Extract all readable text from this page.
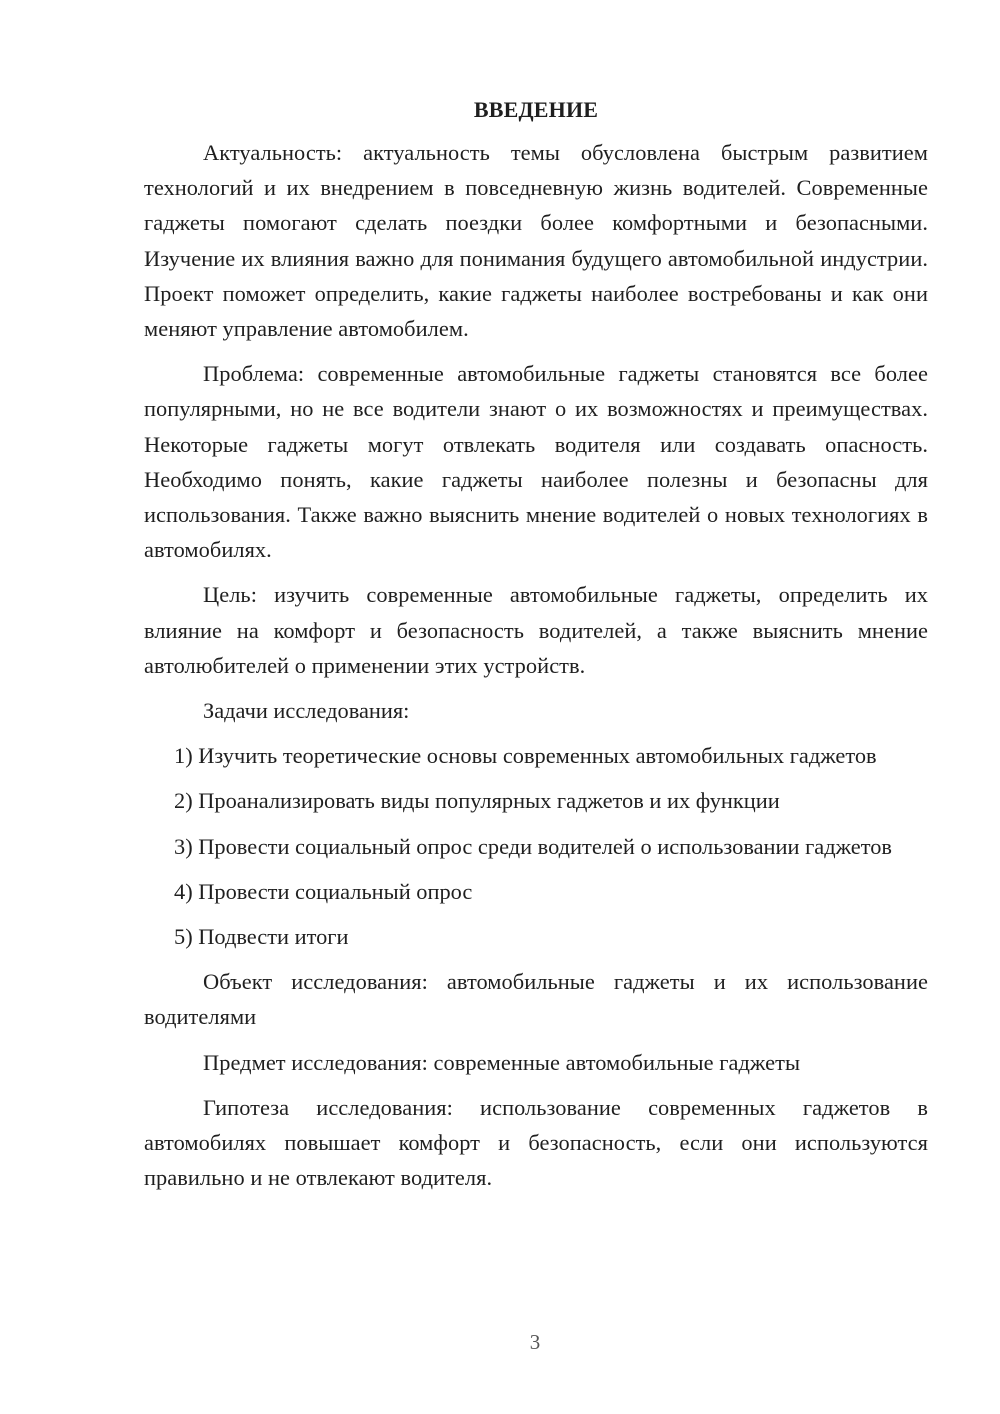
ВВЕДЕНИЕ

Актуальность: актуальность темы обусловлена быстрым развитием технологий и их внедрением в повседневную жизнь водителей. Современные гаджеты помогают сделать поездки более комфортными и безопасными. Изучение их влияния важно для понимания будущего автомобильной индустрии. Проект поможет определить, какие гаджеты наиболее востребованы и как они меняют управление автомобилем.

Проблема: современные автомобильные гаджеты становятся все более популярными, но не все водители знают о их возможностях и преимуществах. Некоторые гаджеты могут отвлекать водителя или создавать опасность. Необходимо понять, какие гаджеты наиболее полезны и безопасны для использования. Также важно выяснить мнение водителей о новых технологиях в автомобилях.

Цель: изучить современные автомобильные гаджеты, определить их влияние на комфорт и безопасность водителей, а также выяснить мнение автолюбителей о применении этих устройств.

Задачи исследования:

1) Изучить теоретические основы современных автомобильных гаджетов

2) Проанализировать виды популярных гаджетов и их функции

3) Провести социальный опрос среди водителей о использовании гаджетов

4) Провести социальный опрос

5) Подвести итоги

Объект исследования: автомобильные гаджеты и их использование водителями

Предмет исследования: современные автомобильные гаджеты

Гипотеза исследования: использование современных гаджетов в автомобилях повышает комфорт и безопасность, если они используются правильно и не отвлекают водителя.

3
